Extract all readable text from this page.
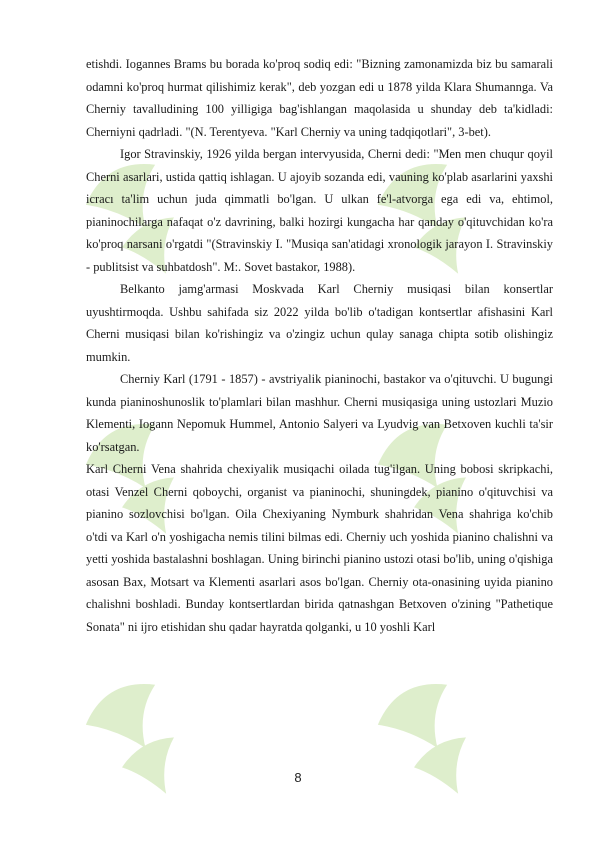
etishdi. Iogannes Brams bu borada ko'proq sodiq edi: "Bizning zamonamizda biz bu samarali odamni ko'proq hurmat qilishimiz kerak", deb yozgan edi u 1878 yilda Klara Shumannga. Va Cherniy tavalludining 100 yilligiga bag'ishlangan maqolasida u shunday deb ta'kidladi: Cherniyni qadrladi. "(N. Terentyeva. "Karl Cherniy va uning tadqiqotlari", 3-bet).

Igor Stravinskiy, 1926 yilda bergan intervyusida, Cherni dedi: "Men men chuqur qoyil Cherni asarlari, ustida qattiq ishlagan. U ajoyib sozanda edi, vauning ko'plab asarlarini yaxshi icracı ta'lim uchun juda qimmatli bo'lgan. U ulkan fe'l-atvorga ega edi va, ehtimol, pianinochilarga nafaqat o'z davrining, balki hozirgi kungacha har qanday o'qituvchidan ko'ra ko'proq narsani o'rgatdi "(Stravinskiy I. "Musiqa san'atidagi xronologik jarayon I. Stravinskiy - publitsist va suhbatdosh". M:. Sovet bastakor, 1988).

Belkanto jamg'armasi Moskvada Karl Cherniy musiqasi bilan konsertlar uyushtirmoqda. Ushbu sahifada siz 2022 yilda bo'lib o'tadigan kontsertlar afishasini Karl Cherni musiqasi bilan ko'rishingiz va o'zingiz uchun qulay sanaga chipta sotib olishingiz mumkin.

Cherniy Karl (1791 - 1857) - avstriyalik pianinochi, bastakor va o'qituvchi. U bugungi kunda pianinoshunoslik to'plamlari bilan mashhur. Cherni musiqasiga uning ustozlari Muzio Klementi, Iogann Nepomuk Hummel, Antonio Salyeri va Lyudvig van Betxoven kuchli ta'sir ko'rsatgan.

Karl Cherni Vena shahrida chexiyalik musiqachi oilada tug'ilgan. Uning bobosi skripkachi, otasi Venzel Cherni qoboychi, organist va pianinochi, shuningdek, pianino o'qituvchisi va pianino sozlovchisi bo'lgan. Oila Chexiyaning Nymburk shahridan Vena shahriga ko'chib o'tdi va Karl o'n yoshigacha nemis tilini bilmas edi. Cherniy uch yoshida pianino chalishni va yetti yoshida bastalashni boshlagan. Uning birinchi pianino ustozi otasi bo'lib, uning o'qishiga asosan Bax, Motsart va Klementi asarlari asos bo'lgan. Cherniy ota-onasining uyida pianino chalishni boshladi. Bunday kontsertlardan birida qatnashgan Betxoven o'zining "Pathetique Sonata" ni ijro etishidan shu qadar hayratda qolganki, u 10 yoshli Karl

8
